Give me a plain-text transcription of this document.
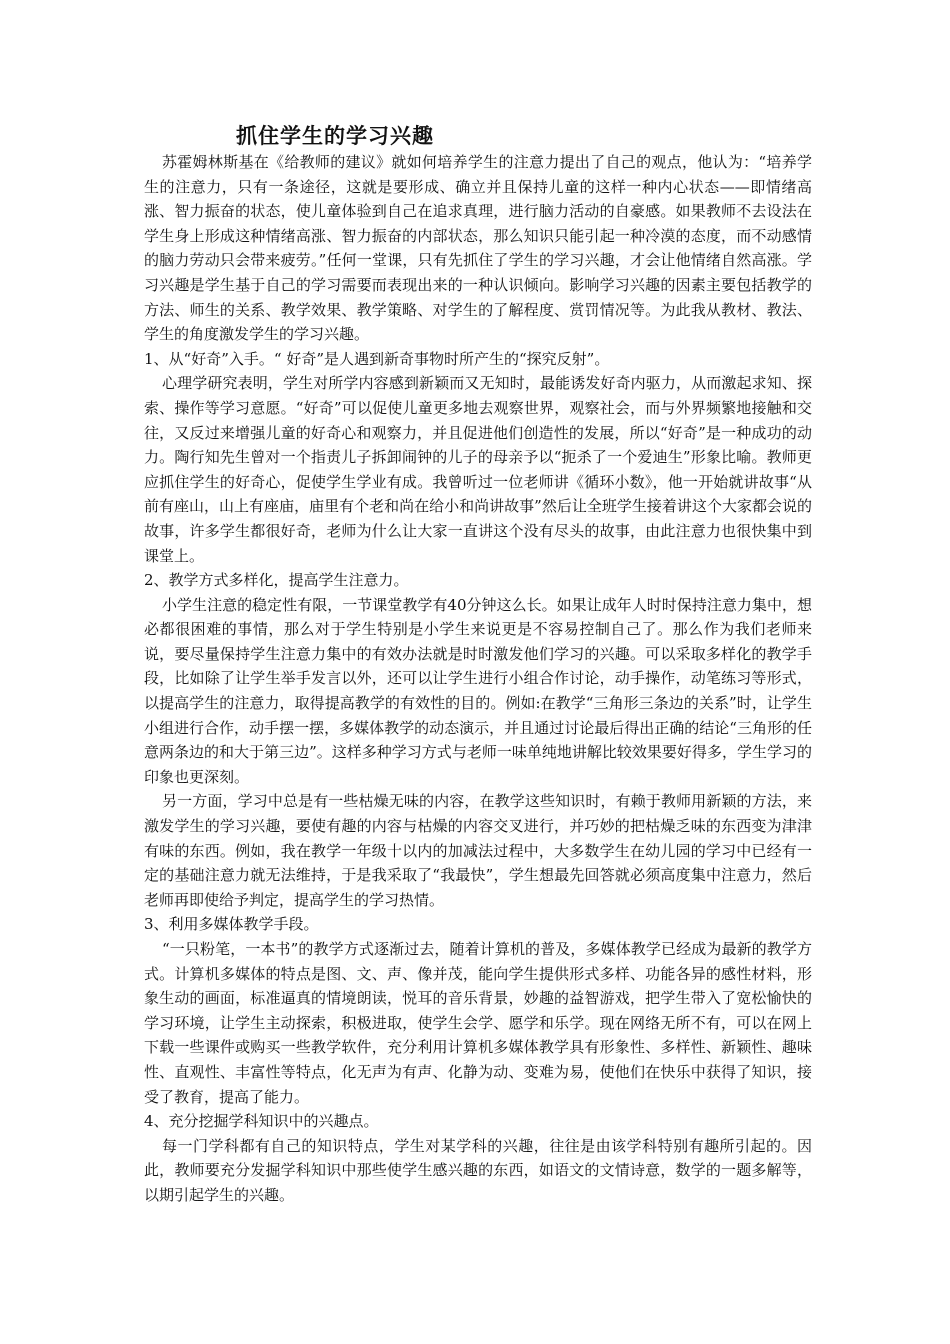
抓住学生的学习兴趣

苏霍姆林斯基在《给教师的建议》就如何培养学生的注意力提出了自己的观点，他认为：“培养学生的注意力，只有一条途径，这就是要形成、确立并且保持儿童的这样一种内心状态——即情绪高涨、智力振奋的状态，使儿童体验到自己在追求真理，进行脑力活动的自豪感。如果教师不去设法在学生身上形成这种情绪高涨、智力振奋的内部状态，那么知识只能引起一种冷漠的态度，而不动感情的脑力劳动只会带来疲劳。”任何一堂课，只有先抓住了学生的学习兴趣，才会让他情绪自然高涨。学习兴趣是学生基于自己的学习需要而表现出来的一种认识倾向。影响学习兴趣的因素主要包括教学的方法、师生的关系、教学效果、教学策略、对学生的了解程度、赏罚情况等。为此我从教材、教法、学生的角度激发学生的学习兴趣。

1、从“好奇”入手。“ 好奇”是人遇到新奇事物时所产生的“探究反射”。

心理学研究表明，学生对所学内容感到新颖而又无知时，最能诱发好奇内驱力，从而激起求知、探索、操作等学习意愿。“好奇”可以促使儿童更多地去观察世界，观察社会，而与外界频繁地接触和交往，又反过来增强儿童的好奇心和观察力，并且促进他们创造性的发展，所以“好奇”是一种成功的动力。陶行知先生曾对一个指责儿子拆卸闹钟的儿子的母亲予以“扼杀了一个爱迪生”形象比喻。教师更应抓住学生的好奇心，促使学生学业有成。我曾听过一位老师讲《循环小数》，他一开始就讲故事“从前有座山，山上有座庙，庙里有个老和尚在给小和尚讲故事”然后让全班学生接着讲这个大家都会说的故事，许多学生都很好奇，老师为什么让大家一直讲这个没有尽头的故事，由此注意力也很快集中到课堂上。

2、教学方式多样化，提高学生注意力。

小学生注意的稳定性有限，一节课堂教学有40分钟这么长。如果让成年人时时保持注意力集中，想必都很困难的事情，那么对于学生特别是小学生来说更是不容易控制自己了。那么作为我们老师来说，要尽量保持学生注意力集中的有效办法就是时时激发他们学习的兴趣。可以采取多样化的教学手段，比如除了让学生举手发言以外，还可以让学生进行小组合作讨论，动手操作，动笔练习等形式，以提高学生的注意力，取得提高教学的有效性的目的。例如:在教学“三角形三条边的关系”时，让学生小组进行合作，动手摆一摆，多媒体教学的动态演示，并且通过讨论最后得出正确的结论“三角形的任意两条边的和大于第三边”。这样多种学习方式与老师一味单纯地讲解比较效果要好得多，学生学习的印象也更深刻。

另一方面，学习中总是有一些枯燥无味的内容，在教学这些知识时，有赖于教师用新颖的方法，来激发学生的学习兴趣，要使有趣的内容与枯燥的内容交叉进行，并巧妙的把枯燥乏味的东西变为津津有味的东西。例如，我在教学一年级十以内的加减法过程中，大多数学生在幼儿园的学习中已经有一定的基础注意力就无法维持，于是我采取了“我最快”，学生想最先回答就必须高度集中注意力，然后老师再即使给予判定，提高学生的学习热情。

3、利用多媒体教学手段。

“一只粉笔，一本书”的教学方式逐渐过去，随着计算机的普及，多媒体教学已经成为最新的教学方式。计算机多媒体的特点是图、文、声、像并茂，能向学生提供形式多样、功能各异的感性材料，形象生动的画面，标准逼真的情境朗读，悦耳的音乐背景，妙趣的益智游戏，把学生带入了宽松愉快的学习环境，让学生主动探索，积极进取，使学生会学、愿学和乐学。现在网络无所不有，可以在网上下载一些课件或购买一些教学软件，充分利用计算机多媒体教学具有形象性、多样性、新颖性、趣味性、直观性、丰富性等特点，化无声为有声、化静为动、变难为易，使他们在快乐中获得了知识，接受了教育，提高了能力。

4、充分挖掘学科知识中的兴趣点。

每一门学科都有自己的知识特点，学生对某学科的兴趣，往往是由该学科特别有趣所引起的。因此，教师要充分发掘学科知识中那些使学生感兴趣的东西，如语文的文情诗意，数学的一题多解等，以期引起学生的兴趣。
